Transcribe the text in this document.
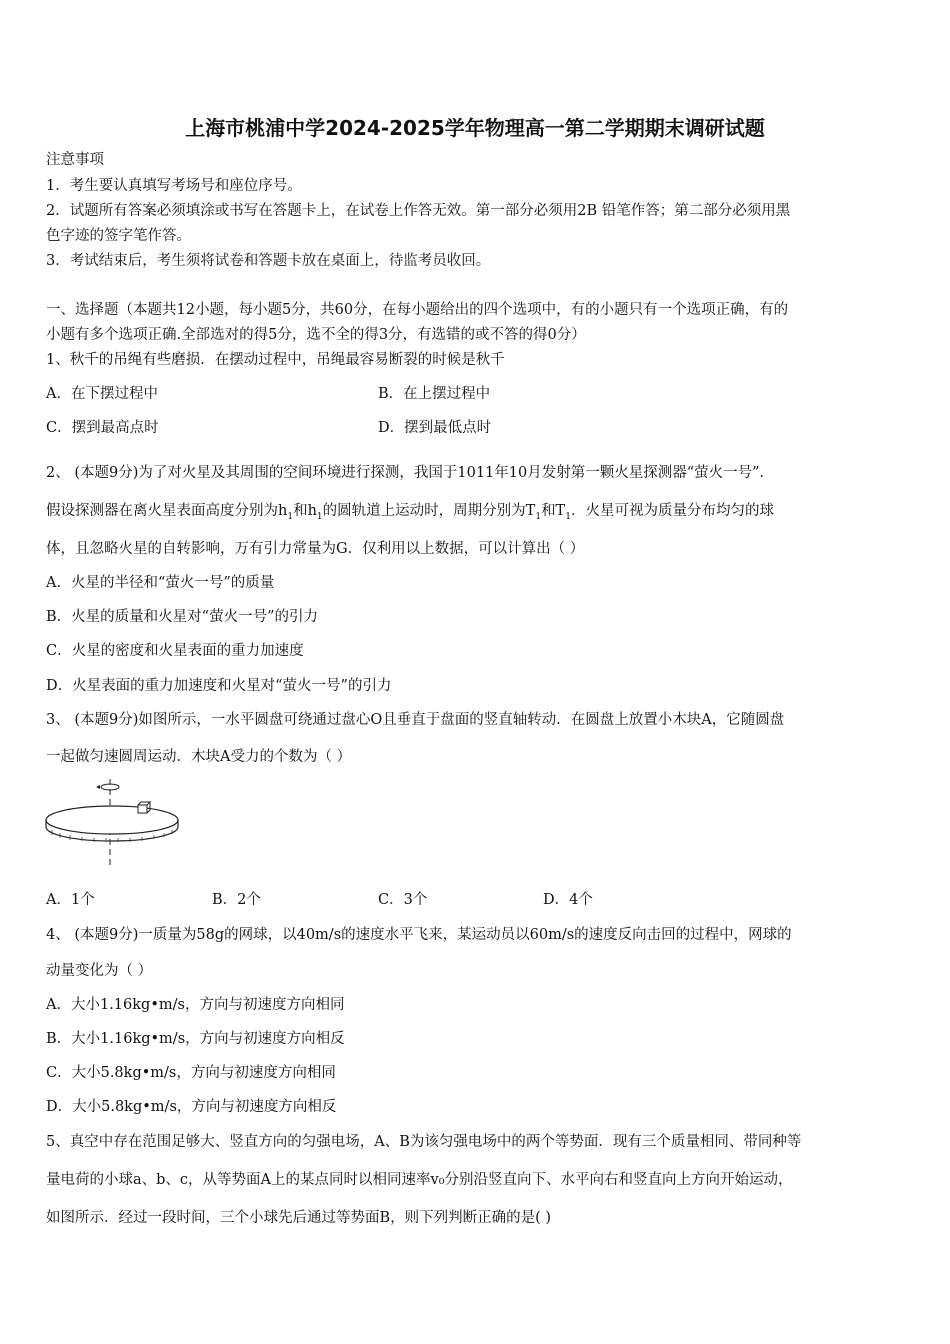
上海市桃浦中学2024-2025学年物理高一第二学期期末调研试题
注意事项
1．考生要认真填写考场号和座位序号。
2．试题所有答案必须填涂或书写在答题卡上，在试卷上作答无效。第一部分必须用2B 铅笔作答；第二部分必须用黑
色字迹的签字笔作答。
3．考试结束后，考生须将试卷和答题卡放在桌面上，待监考员收回。
一、选择题（本题共12小题，每小题5分，共60分，在每小题给出的四个选项中，有的小题只有一个选项正确，有的
小题有多个选项正确.全部选对的得5分，选不全的得3分，有选错的或不答的得0分）
1、秋千的吊绳有些磨损．在摆动过程中，吊绳最容易断裂的时候是秋千
A．在下摆过程中	B．在上摆过程中
C．摆到最高点时	D．摆到最低点时
2、 (本题9分)为了对火星及其周围的空间环境进行探测，我国于1011年10月发射第一颗火星探测器“萤火一号”．
假设探测器在离火星表面高度分别为$h_1$和$h_1$的圆轨道上运动时，周期分别为$T_1$和$T_1$．火星可视为质量分布均匀的球
体，且忽略火星的自转影响，万有引力常量为G．仅利用以上数据，可以计算出（ ）
A．火星的半径和“萤火一号”的质量
B．火星的质量和火星对“萤火一号”的引力
C．火星的密度和火星表面的重力加速度
D．火星表面的重力加速度和火星对“萤火一号”的引力
3、 (本题9分)如图所示，一水平圆盘可绕通过盘心O且垂直于盘面的竖直轴转动．在圆盘上放置小木块A，它随圆盘
一起做匀速圆周运动．木块A受力的个数为（ ）
A．1个	B．2个	C．3个	D．4个
4、 (本题9分)一质量为58g的网球，以40m/s的速度水平飞来，某运动员以60m/s的速度反向击回的过程中，网球的
动量变化为（ ）
A．大小1.16kg•m/s，方向与初速度方向相同
B．大小1.16kg•m/s，方向与初速度方向相反
C．大小5.8kg•m/s，方向与初速度方向相同
D．大小5.8kg•m/s，方向与初速度方向相反
5、真空中存在范围足够大、竖直方向的匀强电场，A、B为该匀强电场中的两个等势面．现有三个质量相同、带同种等
量电荷的小球a、b、c，从等势面A上的某点同时以相同速率v₀分别沿竖直向下、水平向右和竖直向上方向开始运动，
如图所示．经过一段时间，三个小球先后通过等势面B，则下列判断正确的是( )
